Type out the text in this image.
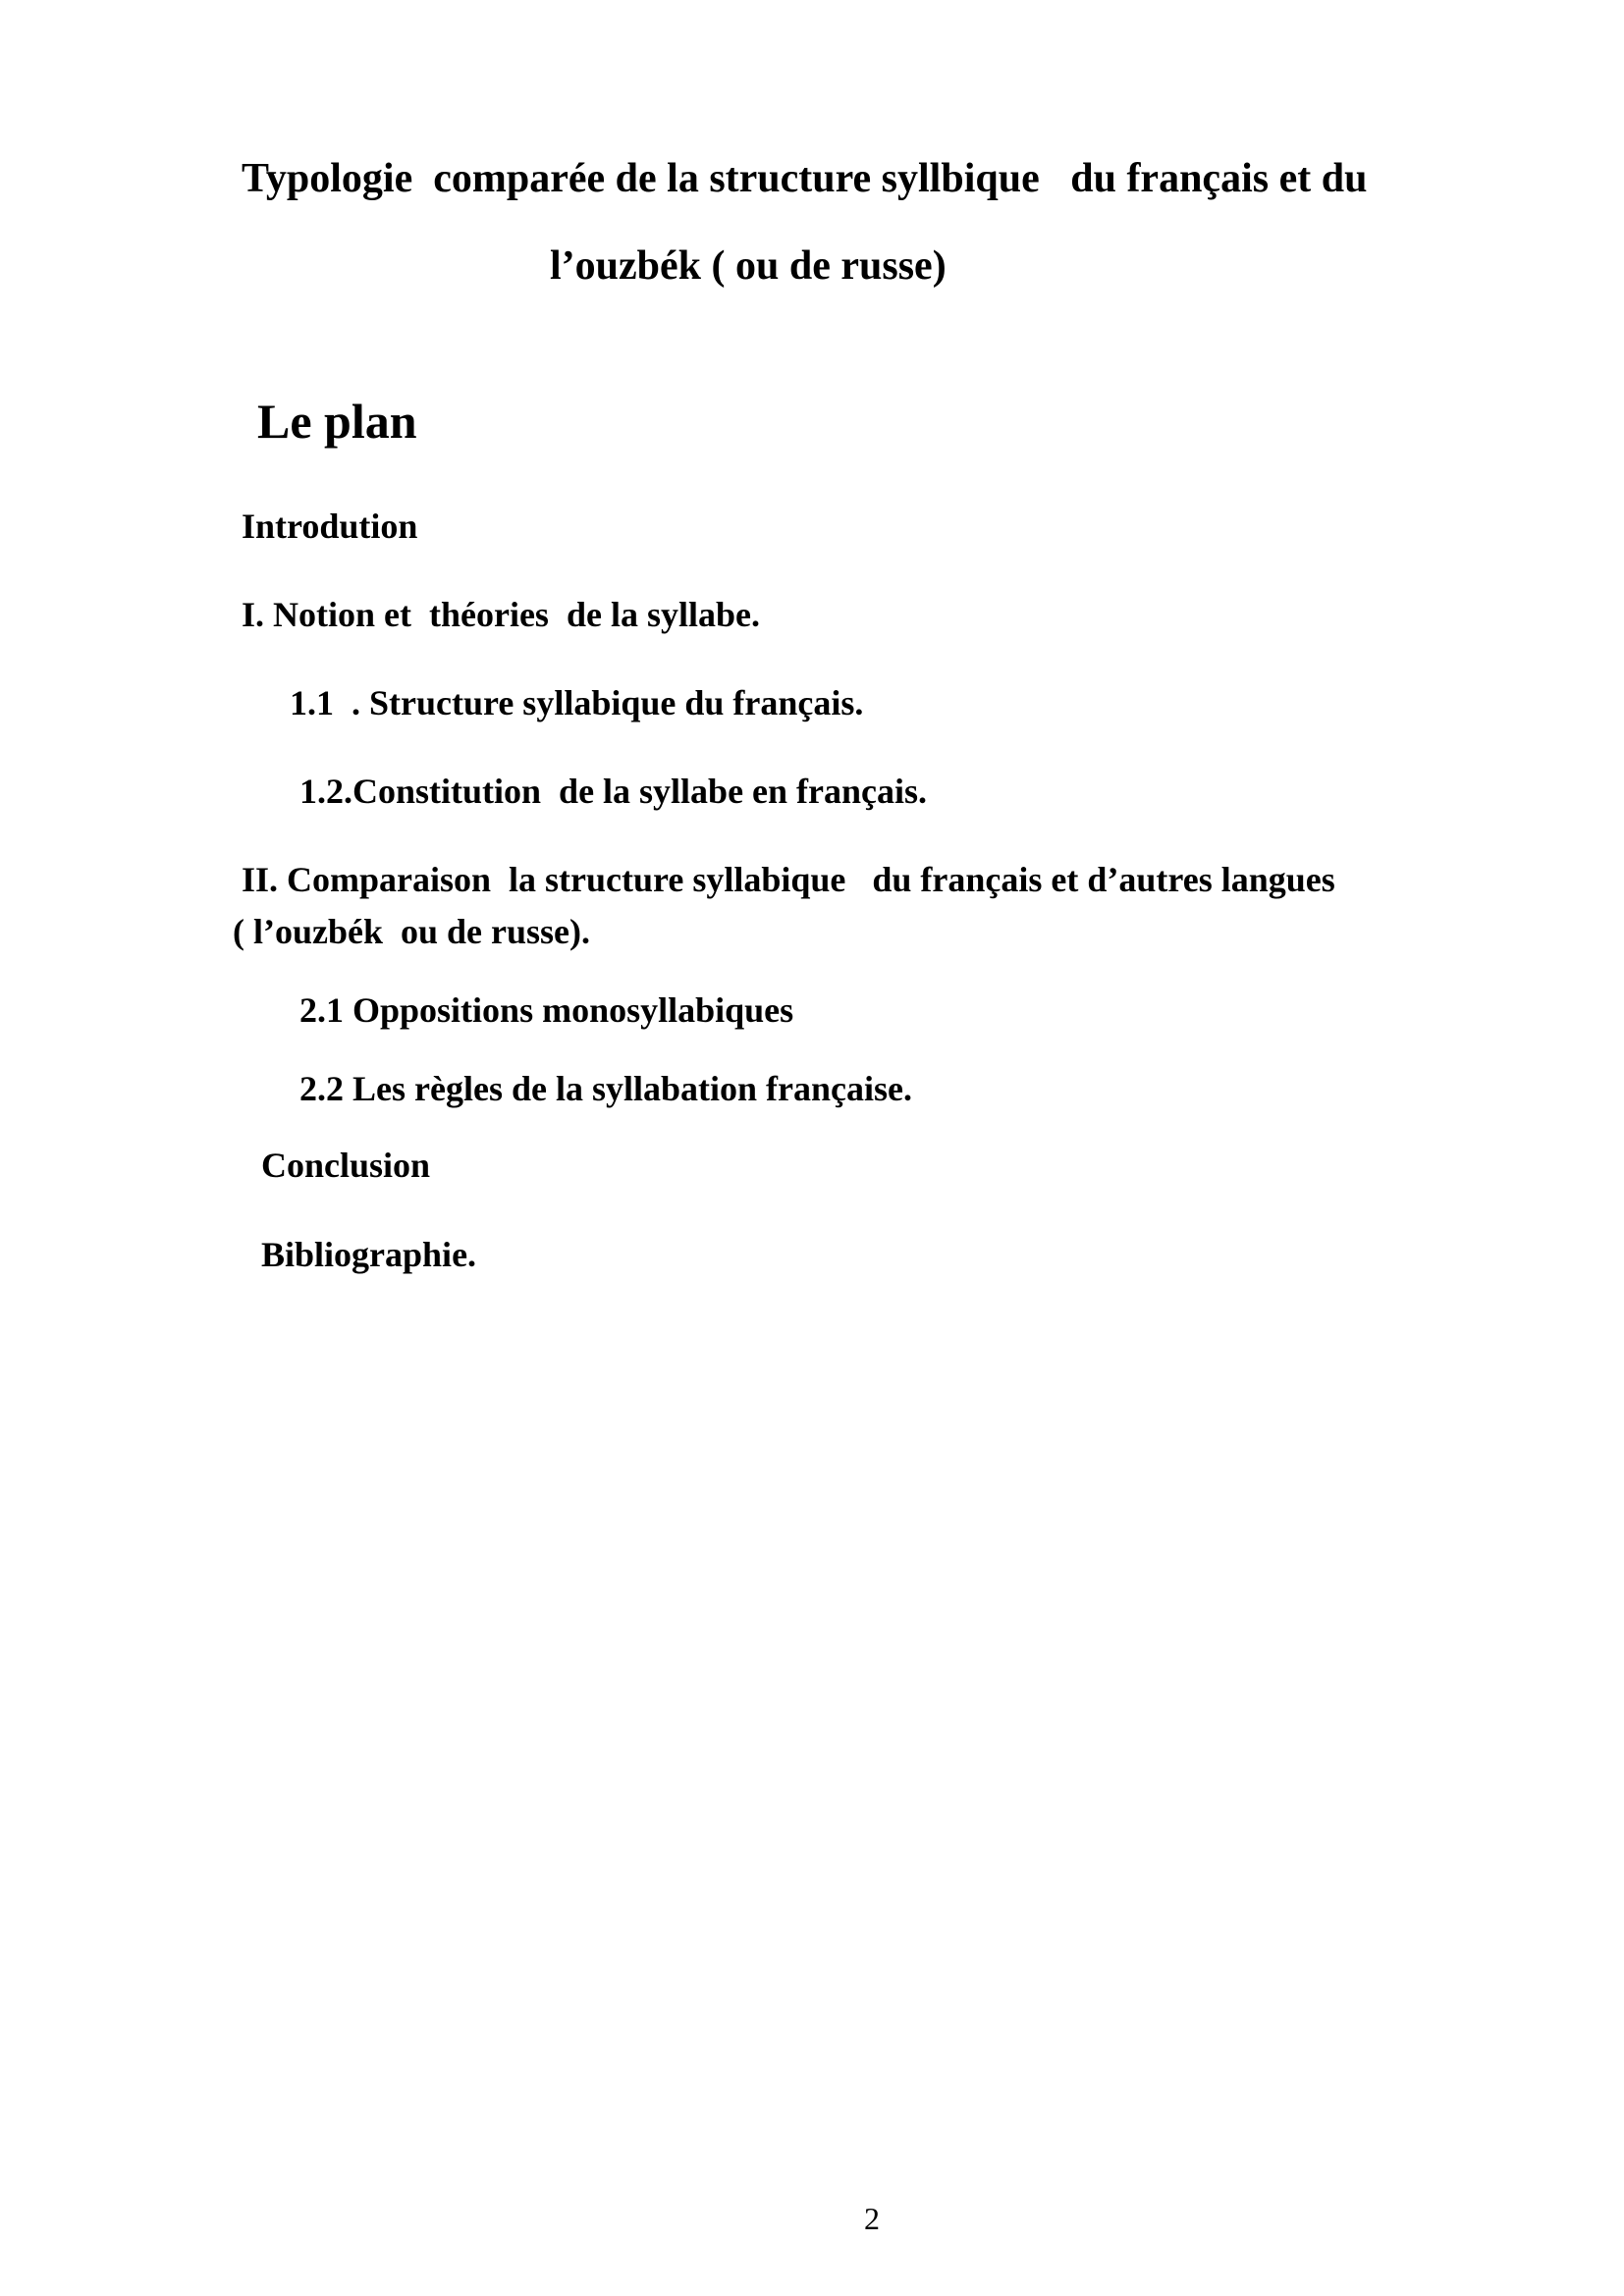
Typologie  comparée de la structure syllbique   du français et du

l’ouzbék ( ou de russe)

Le plan

Introdution

I. Notion et  théories  de la syllabe.

1.1  . Structure syllabique du français.

1.2.Constitution  de la syllabe en français.

II. Comparaison  la structure syllabique   du français et d’autres langues

( l’ouzbék  ou de russe).

2.1 Oppositions monosyllabiques

2.2 Les règles de la syllabation française.

Conclusion

Bibliographie.

2
